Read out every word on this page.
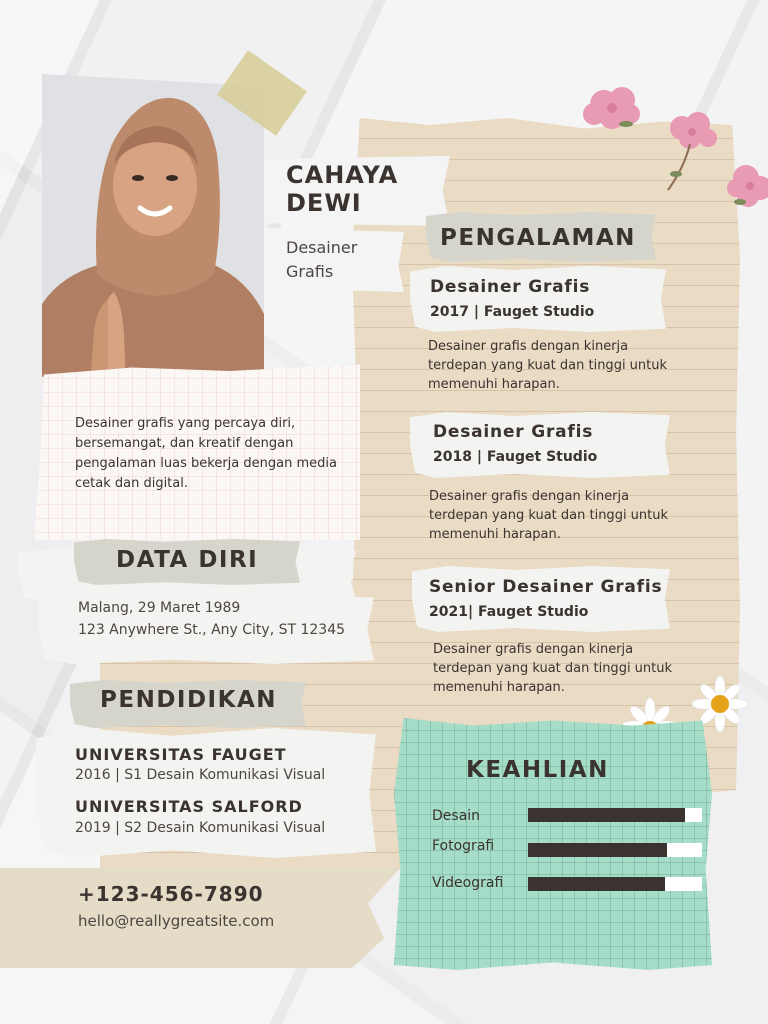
CAHAYA
DEWI
Desainer
Grafis
Desainer grafis yang percaya diri, bersemangat, dan kreatif dengan pengalaman luas bekerja dengan media cetak dan digital.
DATA DIRI
Malang, 29 Maret 1989
123 Anywhere St., Any City, ST 12345
PENDIDIKAN
UNIVERSITAS FAUGET
2016 | S1 Desain Komunikasi Visual
UNIVERSITAS SALFORD
2019 | S2 Desain Komunikasi Visual
+123-456-7890
hello@reallygreatsite.com
PENGALAMAN
Desainer Grafis
2017 | Fauget Studio
Desainer grafis dengan kinerja terdepan yang kuat dan tinggi untuk memenuhi harapan.
Desainer Grafis
2018 | Fauget Studio
Desainer grafis dengan kinerja terdepan yang kuat dan tinggi untuk memenuhi harapan.
Senior Desainer Grafis
2021| Fauget Studio
Desainer grafis dengan kinerja terdepan yang kuat dan tinggi untuk memenuhi harapan.
KEAHLIAN
Desain
Fotografi
Videografi
